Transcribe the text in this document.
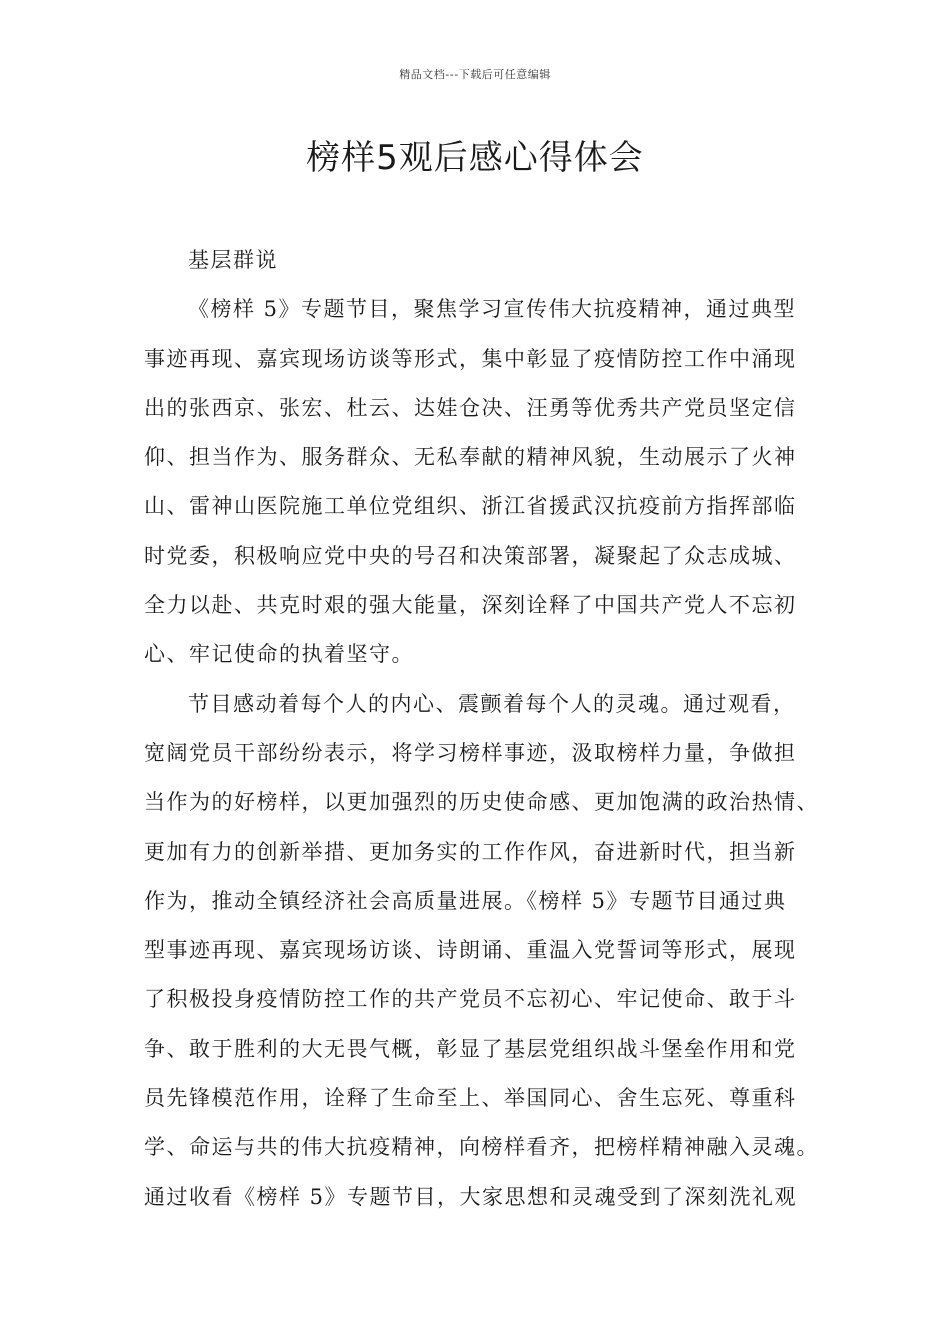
精品文档---下载后可任意编辑
榜样5观后感心得体会
基层群说
《榜样 5》专题节目，聚焦学习宣传伟大抗疫精神，通过典型
事迹再现、嘉宾现场访谈等形式，集中彰显了疫情防控工作中涌现
出的张西京、张宏、杜云、达娃仓决、汪勇等优秀共产党员坚定信
仰、担当作为、服务群众、无私奉献的精神风貌，生动展示了火神
山、雷神山医院施工单位党组织、浙江省援武汉抗疫前方指挥部临
时党委，积极响应党中央的号召和决策部署，凝聚起了众志成城、
全力以赴、共克时艰的强大能量，深刻诠释了中国共产党人不忘初
心、牢记使命的执着坚守。
节目感动着每个人的内心、震颤着每个人的灵魂。通过观看，
宽阔党员干部纷纷表示，将学习榜样事迹，汲取榜样力量，争做担
当作为的好榜样，以更加强烈的历史使命感、更加饱满的政治热情、
更加有力的创新举措、更加务实的工作作风，奋进新时代，担当新
作为，推动全镇经济社会高质量进展。《榜样 5》专题节目通过典
型事迹再现、嘉宾现场访谈、诗朗诵、重温入党誓词等形式，展现
了积极投身疫情防控工作的共产党员不忘初心、牢记使命、敢于斗
争、敢于胜利的大无畏气概，彰显了基层党组织战斗堡垒作用和党
员先锋模范作用，诠释了生命至上、举国同心、舍生忘死、尊重科
学、命运与共的伟大抗疫精神，向榜样看齐，把榜样精神融入灵魂。
通过收看《榜样 5》专题节目，大家思想和灵魂受到了深刻洗礼观
